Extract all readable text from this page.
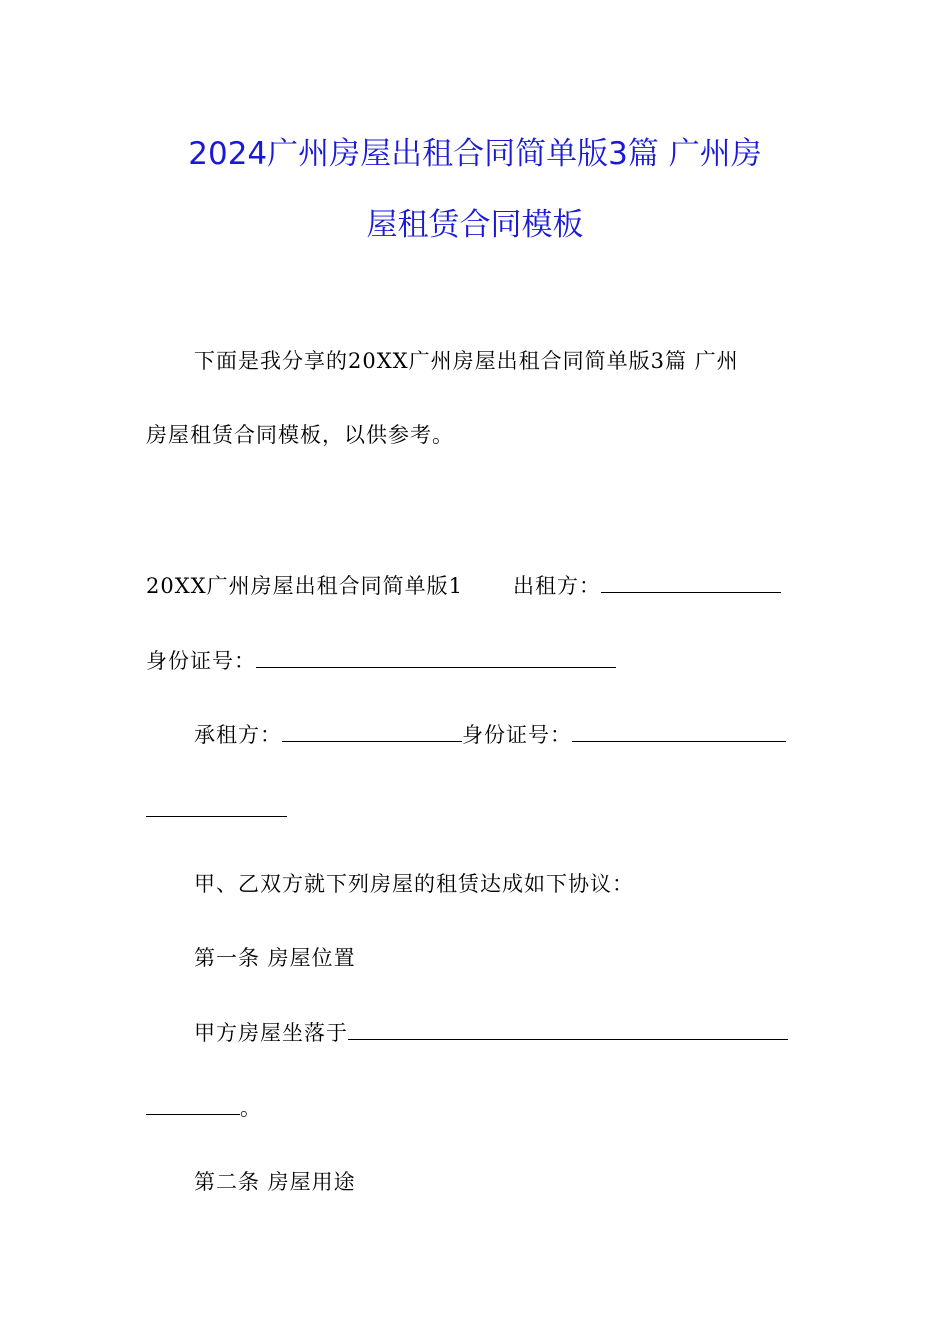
2024广州房屋出租合同简单版3篇 广州房
屋租赁合同模板
下面是我分享的20XX广州房屋出租合同简单版3篇 广州
房屋租赁合同模板，以供参考。
20XX广州房屋出租合同简单版1 出租方：
身份证号：
承租方：	身份证号：
甲、乙双方就下列房屋的租赁达成如下协议：
第一条 房屋位置
甲方房屋坐落于
。
第二条 房屋用途
